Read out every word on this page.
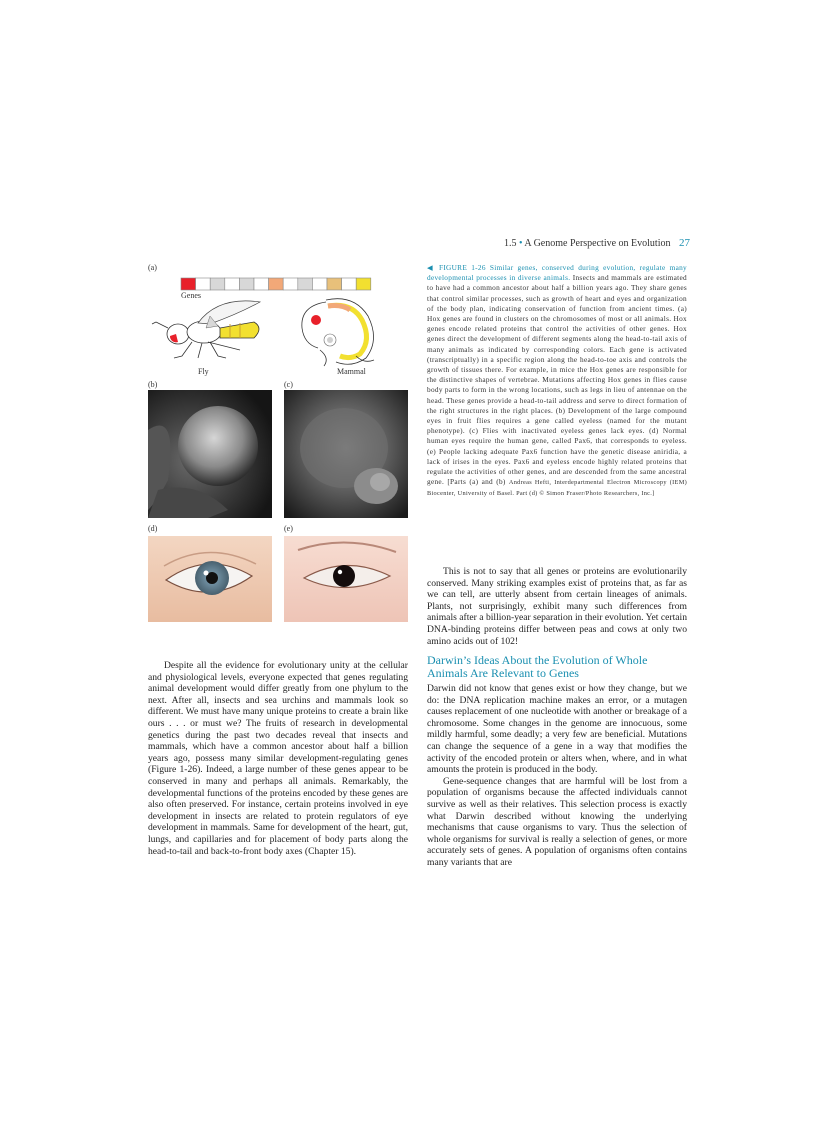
1.5 • A Genome Perspective on Evolution 27
(a)
(b)	(c)
(d)	(e)
Genes
Fly	Mammal
◀ FIGURE 1-26 Similar genes, conserved during evolution, regulate many developmental processes in diverse animals. Insects and mammals are estimated to have had a common ancestor about half a billion years ago. They share genes that control similar processes, such as growth of heart and eyes and organization of the body plan, indicating conservation of function from ancient times. (a) Hox genes are found in clusters on the chromosomes of most or all animals. Hox genes encode related proteins that control the activities of other genes. Hox genes direct the development of different segments along the head-to-tail axis of many animals as indicated by corresponding colors. Each gene is activated (transcriptually) in a specific region along the head-to-toe axis and controls the growth of tissues there. For example, in mice the Hox genes are responsible for the distinctive shapes of vertebrae. Mutations affecting Hox genes in flies cause body parts to form in the wrong locations, such as legs in lieu of antennae on the head. These genes provide a head-to-tail address and serve to direct formation of the right structures in the right places. (b) Development of the large compound eyes in fruit flies requires a gene called eyeless (named for the mutant phenotype). (c) Flies with inactivated eyeless genes lack eyes. (d) Normal human eyes require the human gene, called Pax6, that corresponds to eyeless. (e) People lacking adequate Pax6 function have the genetic disease aniridia, a lack of irises in the eyes. Pax6 and eyeless encode highly related proteins that regulate the activities of other genes, and are descended from the same ancestral gene. [Parts (a) and (b) Andreas Hefti, Interdepartmental Electron Microscopy (IEM) Biocenter, University of Basel. Part (d) © Simon Fraser/Photo Researchers, Inc.]

This is not to say that all genes or proteins are evolutionarily conserved. Many striking examples exist of proteins that, as far as we can tell, are utterly absent from certain lineages of animals. Plants, not surprisingly, exhibit many such differences from animals after a billion-year separation in their evolution. Yet certain DNA-binding proteins differ between peas and cows at only two amino acids out of 102!

Darwin’s Ideas About the Evolution of Whole Animals Are Relevant to Genes

Darwin did not know that genes exist or how they change, but we do: the DNA replication machine makes an error, or a mutagen causes replacement of one nucleotide with another or breakage of a chromosome. Some changes in the genome are innocuous, some mildly harmful, some deadly; a very few are beneficial. Mutations can change the sequence of a gene in a way that modifies the activity of the encoded protein or alters when, where, and in what amounts the protein is produced in the body.

Gene-sequence changes that are harmful will be lost from a population of organisms because the affected individuals cannot survive as well as their relatives. This selection process is exactly what Darwin described without knowing the underlying mechanisms that cause organisms to vary. Thus the selection of whole organisms for survival is really a selection of genes, or more accurately sets of genes. A population of organisms often contains many variants that are

Despite all the evidence for evolutionary unity at the cellular and physiological levels, everyone expected that genes regulating animal development would differ greatly from one phylum to the next. After all, insects and sea urchins and mammals look so different. We must have many unique proteins to create a brain like ours . . . or must we? The fruits of research in developmental genetics during the past two decades reveal that insects and mammals, which have a common ancestor about half a billion years ago, possess many similar development-regulating genes (Figure 1-26). Indeed, a large number of these genes appear to be conserved in many and perhaps all animals. Remarkably, the developmental functions of the proteins encoded by these genes are also often preserved. For instance, certain proteins involved in eye development in insects are related to protein regulators of eye development in mammals. Same for development of the heart, gut, lungs, and capillaries and for placement of body parts along the head-to-tail and back-to-front body axes (Chapter 15).
